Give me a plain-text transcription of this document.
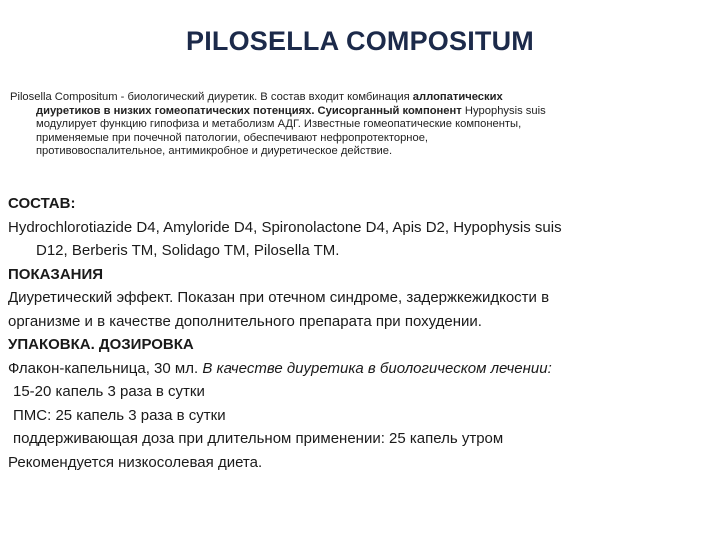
PILOSELLA COMPOSITUM
Pilosella Compositum - биологический диуретик. В состав входит комбинация аллопатических
диуретиков в низких гомеопатических потенциях. Суисорганный компонент Hypophysis suis
модулирует функцию гипофиза и метаболизм АДГ. Известные гомеопатические компоненты,
применяемые при почечной патологии, обеспечивают нефропротекторное,
противовоспалительное, антимикробное и диуретическое действие.
СОСТАВ:
Hydrochlorotiazide D4, Amyloride D4, Spironolactone D4, Apis D2, Hypophysis suis
D12, Berberis TM, Solidago TM, Pilosella TM.
ПОКАЗАНИЯ
Диуретический эффект. Показан при отечном синдроме, задержкежидкости в
организме и в качестве дополнительного препарата при похудении.
УПАКОВКА. ДОЗИРОВКА
Флакон-капельница, 30 мл. В качестве диуретика в биологическом лечении:
15-20 капель 3 раза в сутки
ПМС: 25 капель 3 раза в сутки
поддерживающая доза при длительном применении: 25 капель утром
Рекомендуется низкосолевая диета.
